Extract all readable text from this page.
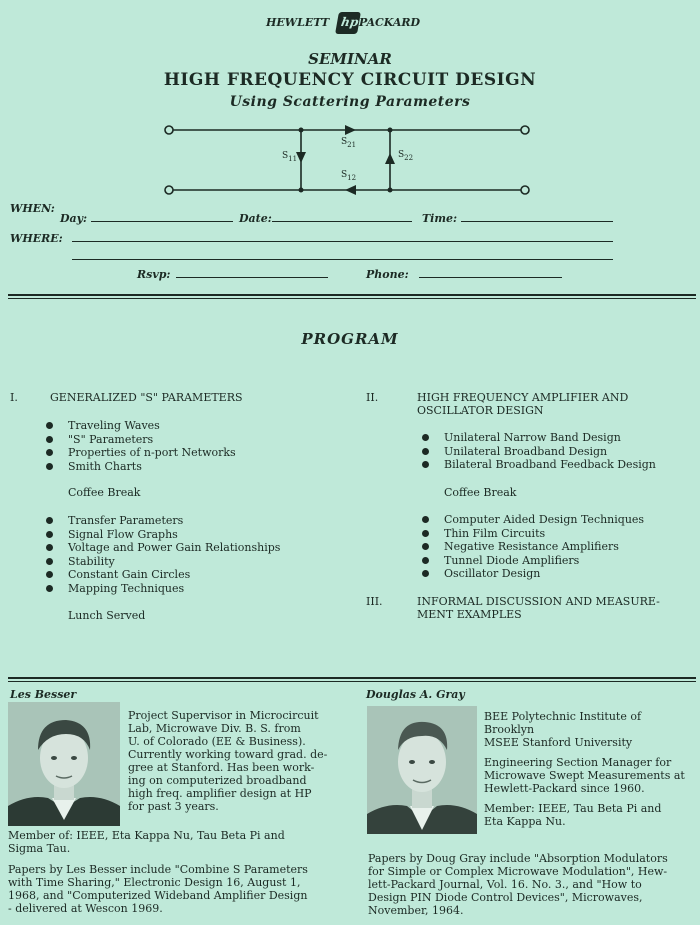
HEWLETT hp PACKARD
SEMINAR
HIGH FREQUENCY CIRCUIT DESIGN
Using Scattering Parameters
$S_{11}$
$S_{21}$
$S_{22}$
$S_{12}$
WHEN:
Day:	Date:	Time:
WHERE:
Rsvp:	Phone:
PROGRAM
I.	GENERALIZED "S" PARAMETERS
Traveling Waves
"S" Parameters
Properties of n-port Networks
Smith Charts
Coffee Break
Transfer Parameters
Signal Flow Graphs
Voltage and Power Gain Relationships
Stability
Constant Gain Circles
Mapping Techniques
Lunch Served
II.	HIGH FREQUENCY AMPLIFIER AND
OSCILLATOR DESIGN
Unilateral Narrow Band Design
Unilateral Broadband Design
Bilateral Broadband Feedback Design
Coffee Break
Computer Aided Design Techniques
Thin Film Circuits
Negative Resistance Amplifiers
Tunnel Diode Amplifiers
Oscillator Design
III.	INFORMAL DISCUSSION AND MEASURE-
MENT EXAMPLES
Les Besser
Project Supervisor in Microcircuit
Lab, Microwave Div. B. S. from
U. of Colorado (EE & Business).
Currently working toward grad. de-
gree at Stanford. Has been work-
ing on computerized broadband
high freq. amplifier design at HP
for past 3 years.
Member of: IEEE, Eta Kappa Nu, Tau Beta Pi and
Sigma Tau.
Papers by Les Besser include "Combine S Parameters
with Time Sharing," Electronic Design 16, August 1,
1968, and "Computerized Wideband Amplifier Design
- delivered at Wescon 1969.
Douglas A. Gray
BEE Polytechnic Institute of
Brooklyn
MSEE Stanford University
Engineering Section Manager for
Microwave Swept Measurements at
Hewlett-Packard since 1960.
Member: IEEE, Tau Beta Pi and
Eta Kappa Nu.
Papers by Doug Gray include "Absorption Modulators
for Simple or Complex Microwave Modulation", Hew-
lett-Packard Journal, Vol. 16. No. 3., and "How to
Design PIN Diode Control Devices", Microwaves,
November, 1964.
